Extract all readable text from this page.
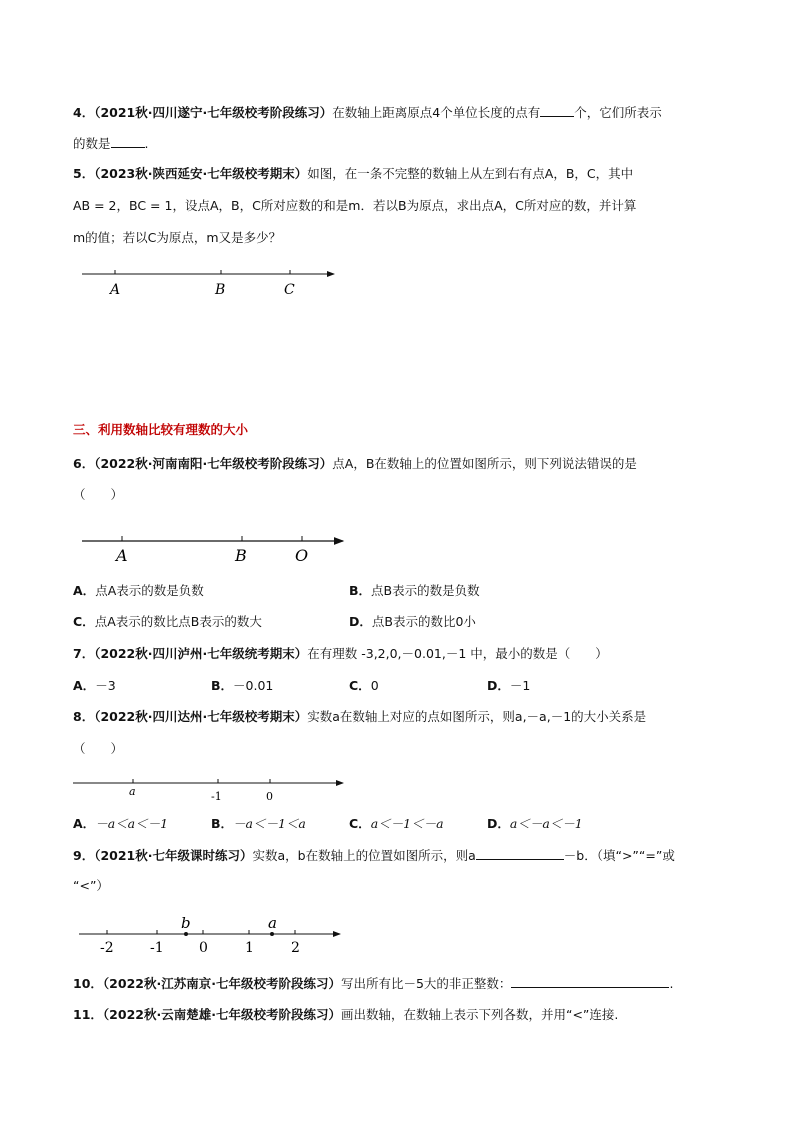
4．（2021秋·四川遂宁·七年级校考阶段练习）在数轴上距离原点4个单位长度的点有	个，它们所表示
的数是	.
5．（2023秋·陕西延安·七年级校考期末）如图，在一条不完整的数轴上从左到右有点A，B，C，其中
AB = 2，BC = 1，设点A，B，C所对应数的和是m．若以B为原点，求出点A，C所对应的数，并计算
m的值；若以C为原点，m又是多少？
A	B	C
A	B	O
a	-1	0
-2	-1	0	1	2
b	a
三、利用数轴比较有理数的大小
6．（2022秋·河南南阳·七年级校考阶段练习）点A，B在数轴上的位置如图所示，则下列说法错误的是
（　　）
A．点A表示的数是负数	B．点B表示的数是负数
C．点A表示的数比点B表示的数大	D．点B表示的数比0小
7．（2022秋·四川泸州·七年级统考期末）在有理数 -3,2,0,－0.01,－1 中，最小的数是（　　）
A．－3	B．－0.01	C．0	D．－1
8．（2022秋·四川达州·七年级校考期末）实数a在数轴上对应的点如图所示，则a,－a,－1的大小关系是
（　　）
A．－a＜a＜－1	B．－a＜－1＜a	C．a＜－1＜－a	D．a＜－a＜－1
9．（2021秋·七年级课时练习）实数a，b在数轴上的位置如图所示，则a	－b．（填“>”“=”或
“<”）
10．（2022秋·江苏南京·七年级校考阶段练习）写出所有比－5大的非正整数：	.
11．（2022秋·云南楚雄·七年级校考阶段练习）画出数轴，在数轴上表示下列各数，并用“<”连接.
